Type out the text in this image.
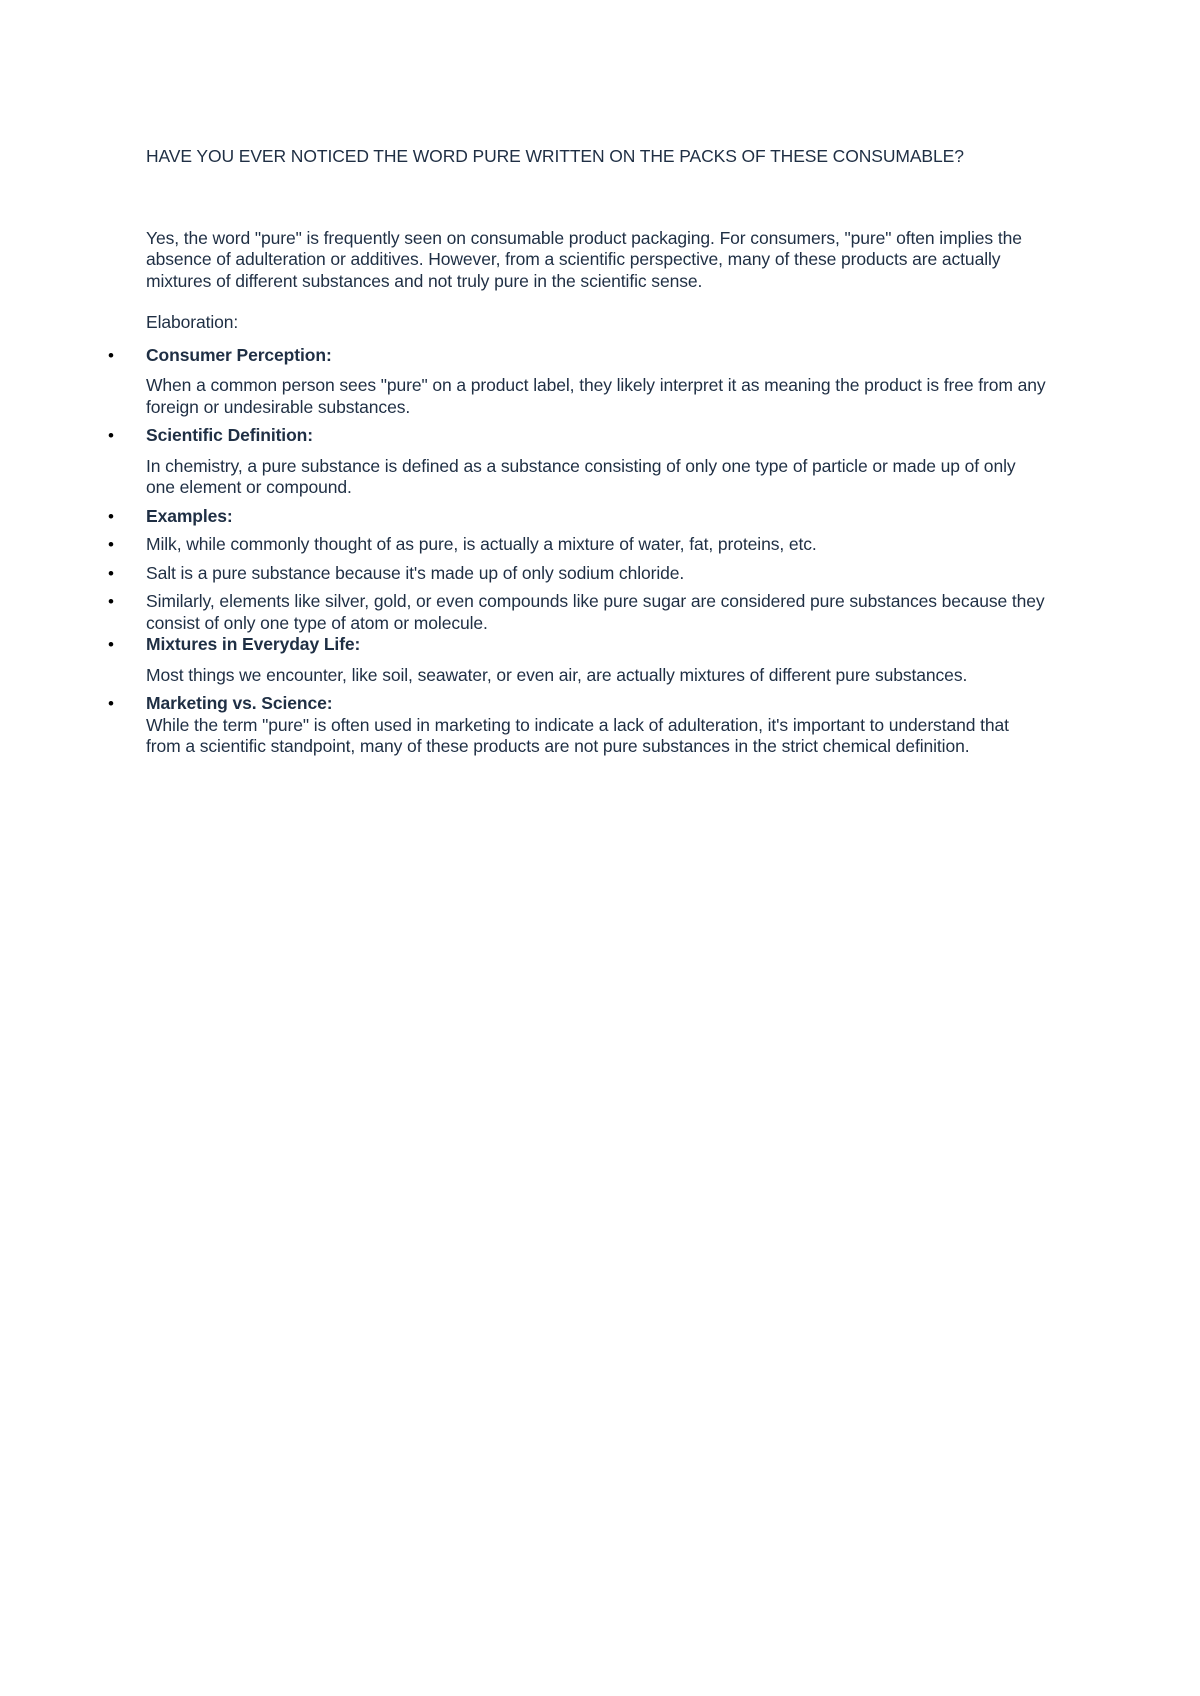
HAVE YOU EVER NOTICED THE WORD PURE WRITTEN ON THE PACKS OF THESE CONSUMABLE?

Yes, the word "pure" is frequently seen on consumable product packaging. For consumers, "pure" often implies the absence of adulteration or additives. However, from a scientific perspective, many of these products are actually mixtures of different substances and not truly pure in the scientific sense.

Elaboration:

• Consumer Perception:

When a common person sees "pure" on a product label, they likely interpret it as meaning the product is free from any foreign or undesirable substances.

• Scientific Definition:

In chemistry, a pure substance is defined as a substance consisting of only one type of particle or made up of only one element or compound.

• Examples:
• Milk, while commonly thought of as pure, is actually a mixture of water, fat, proteins, etc.
• Salt is a pure substance because it's made up of only sodium chloride.
• Similarly, elements like silver, gold, or even compounds like pure sugar are considered pure substances because they consist of only one type of atom or molecule.
• Mixtures in Everyday Life:

Most things we encounter, like soil, seawater, or even air, are actually mixtures of different pure substances.

• Marketing vs. Science:

While the term "pure" is often used in marketing to indicate a lack of adulteration, it's important to understand that from a scientific standpoint, many of these products are not pure substances in the strict chemical definition.
